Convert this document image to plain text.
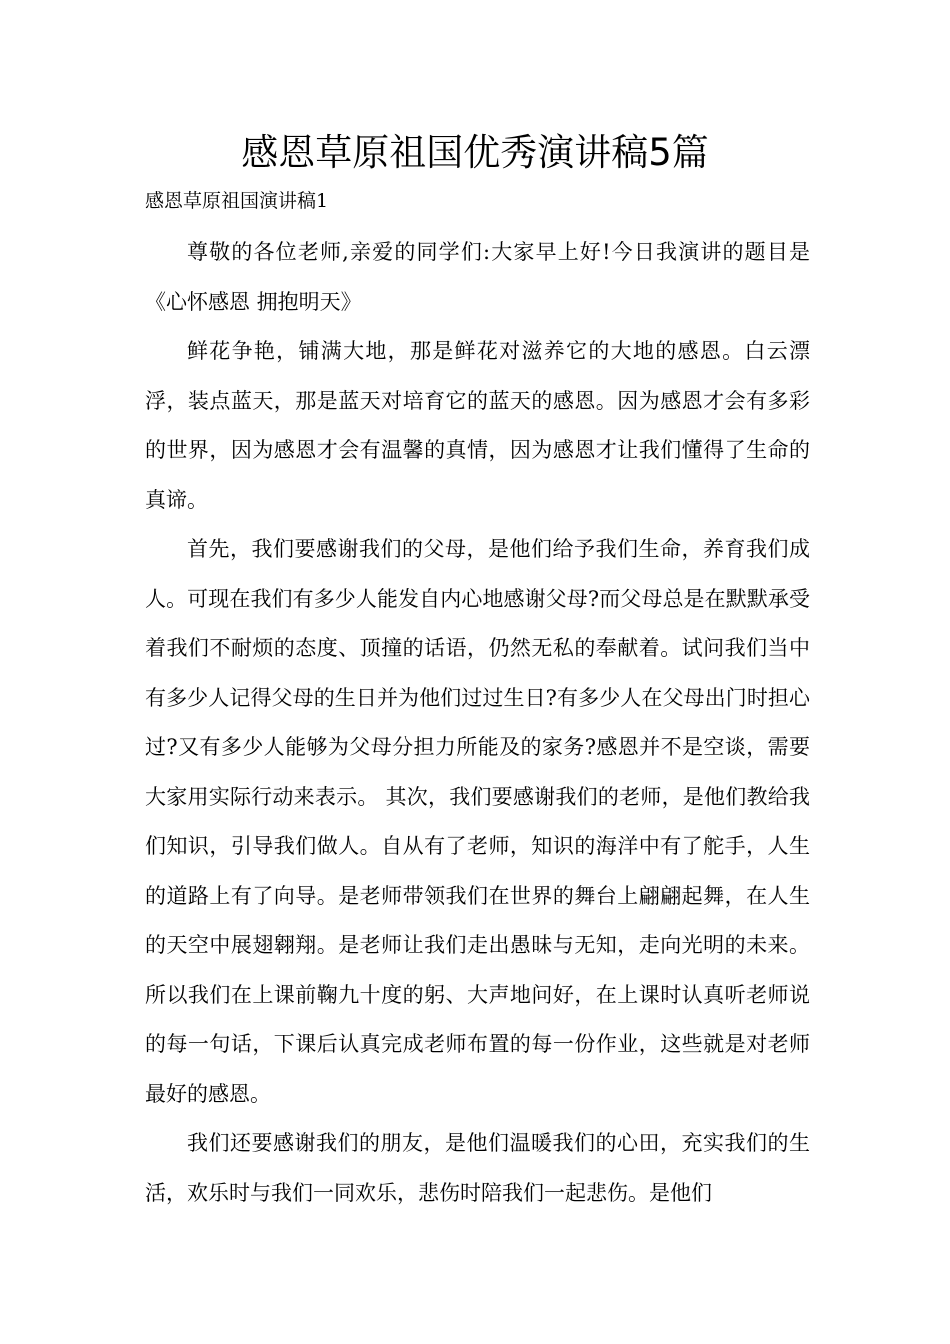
感恩草原祖国优秀演讲稿5篇

感恩草原祖国演讲稿1

尊敬的各位老师,亲爱的同学们:大家早上好!今日我演讲的题目是《心怀感恩 拥抱明天》

鲜花争艳，铺满大地，那是鲜花对滋养它的大地的感恩。白云漂浮，装点蓝天，那是蓝天对培育它的蓝天的感恩。因为感恩才会有多彩的世界，因为感恩才会有温馨的真情，因为感恩才让我们懂得了生命的真谛。

首先，我们要感谢我们的父母，是他们给予我们生命，养育我们成人。可现在我们有多少人能发自内心地感谢父母?而父母总是在默默承受着我们不耐烦的态度、顶撞的话语，仍然无私的奉献着。试问我们当中有多少人记得父母的生日并为他们过过生日?有多少人在父母出门时担心过?又有多少人能够为父母分担力所能及的家务?感恩并不是空谈，需要大家用实际行动来表示。 其次，我们要感谢我们的老师，是他们教给我们知识，引导我们做人。自从有了老师，知识的海洋中有了舵手，人生的道路上有了向导。是老师带领我们在世界的舞台上翩翩起舞，在人生的天空中展翅翱翔。是老师让我们走出愚昧与无知，走向光明的未来。所以我们在上课前鞠九十度的躬、大声地问好，在上课时认真听老师说的每一句话，下课后认真完成老师布置的每一份作业，这些就是对老师最好的感恩。

我们还要感谢我们的朋友，是他们温暖我们的心田，充实我们的生活，欢乐时与我们一同欢乐，悲伤时陪我们一起悲伤。是他们
